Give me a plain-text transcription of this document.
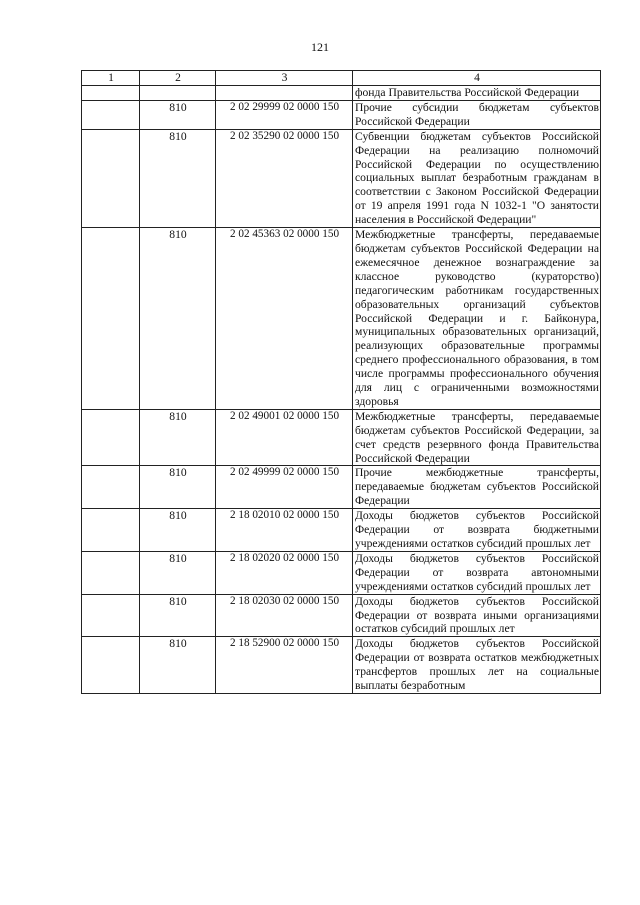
121
1	2	3	4
			фонда Правительства Российской Федерации
	810	2 02 29999 02 0000 150	Прочие субсидии бюджетам субъектов Российской Федерации
	810	2 02 35290 02 0000 150	Субвенции бюджетам субъектов Российской Федерации на реализацию полномочий Российской Федерации по осуществлению социальных выплат безработным гражданам в соответствии с Законом Российской Федерации от 19 апреля 1991 года N 1032-1 "О занятости населения в Российской Федерации"
	810	2 02 45363 02 0000 150	Межбюджетные трансферты, передаваемые бюджетам субъектов Российской Федерации на ежемесячное денежное вознаграждение за классное руководство (кураторство) педагогическим работникам государственных образовательных организаций субъектов Российской Федерации и г. Байконура, муниципальных образовательных организаций, реализующих образовательные программы среднего профессионального образования, в том числе программы профессионального обучения для лиц с ограниченными возможностями здоровья
	810	2 02 49001 02 0000 150	Межбюджетные трансферты, передаваемые бюджетам субъектов Российской Федерации, за счет средств резервного фонда Правительства Российской Федерации
	810	2 02 49999 02 0000 150	Прочие межбюджетные трансферты, передаваемые бюджетам субъектов Российской Федерации
	810	2 18 02010 02 0000 150	Доходы бюджетов субъектов Российской Федерации от возврата бюджетными учреждениями остатков субсидий прошлых лет
	810	2 18 02020 02 0000 150	Доходы бюджетов субъектов Российской Федерации от возврата автономными учреждениями остатков субсидий прошлых лет
	810	2 18 02030 02 0000 150	Доходы бюджетов субъектов Российской Федерации от возврата иными организациями остатков субсидий прошлых лет
	810	2 18 52900 02 0000 150	Доходы бюджетов субъектов Российской Федерации от возврата остатков межбюджетных трансфертов прошлых лет на социальные выплаты безработным
